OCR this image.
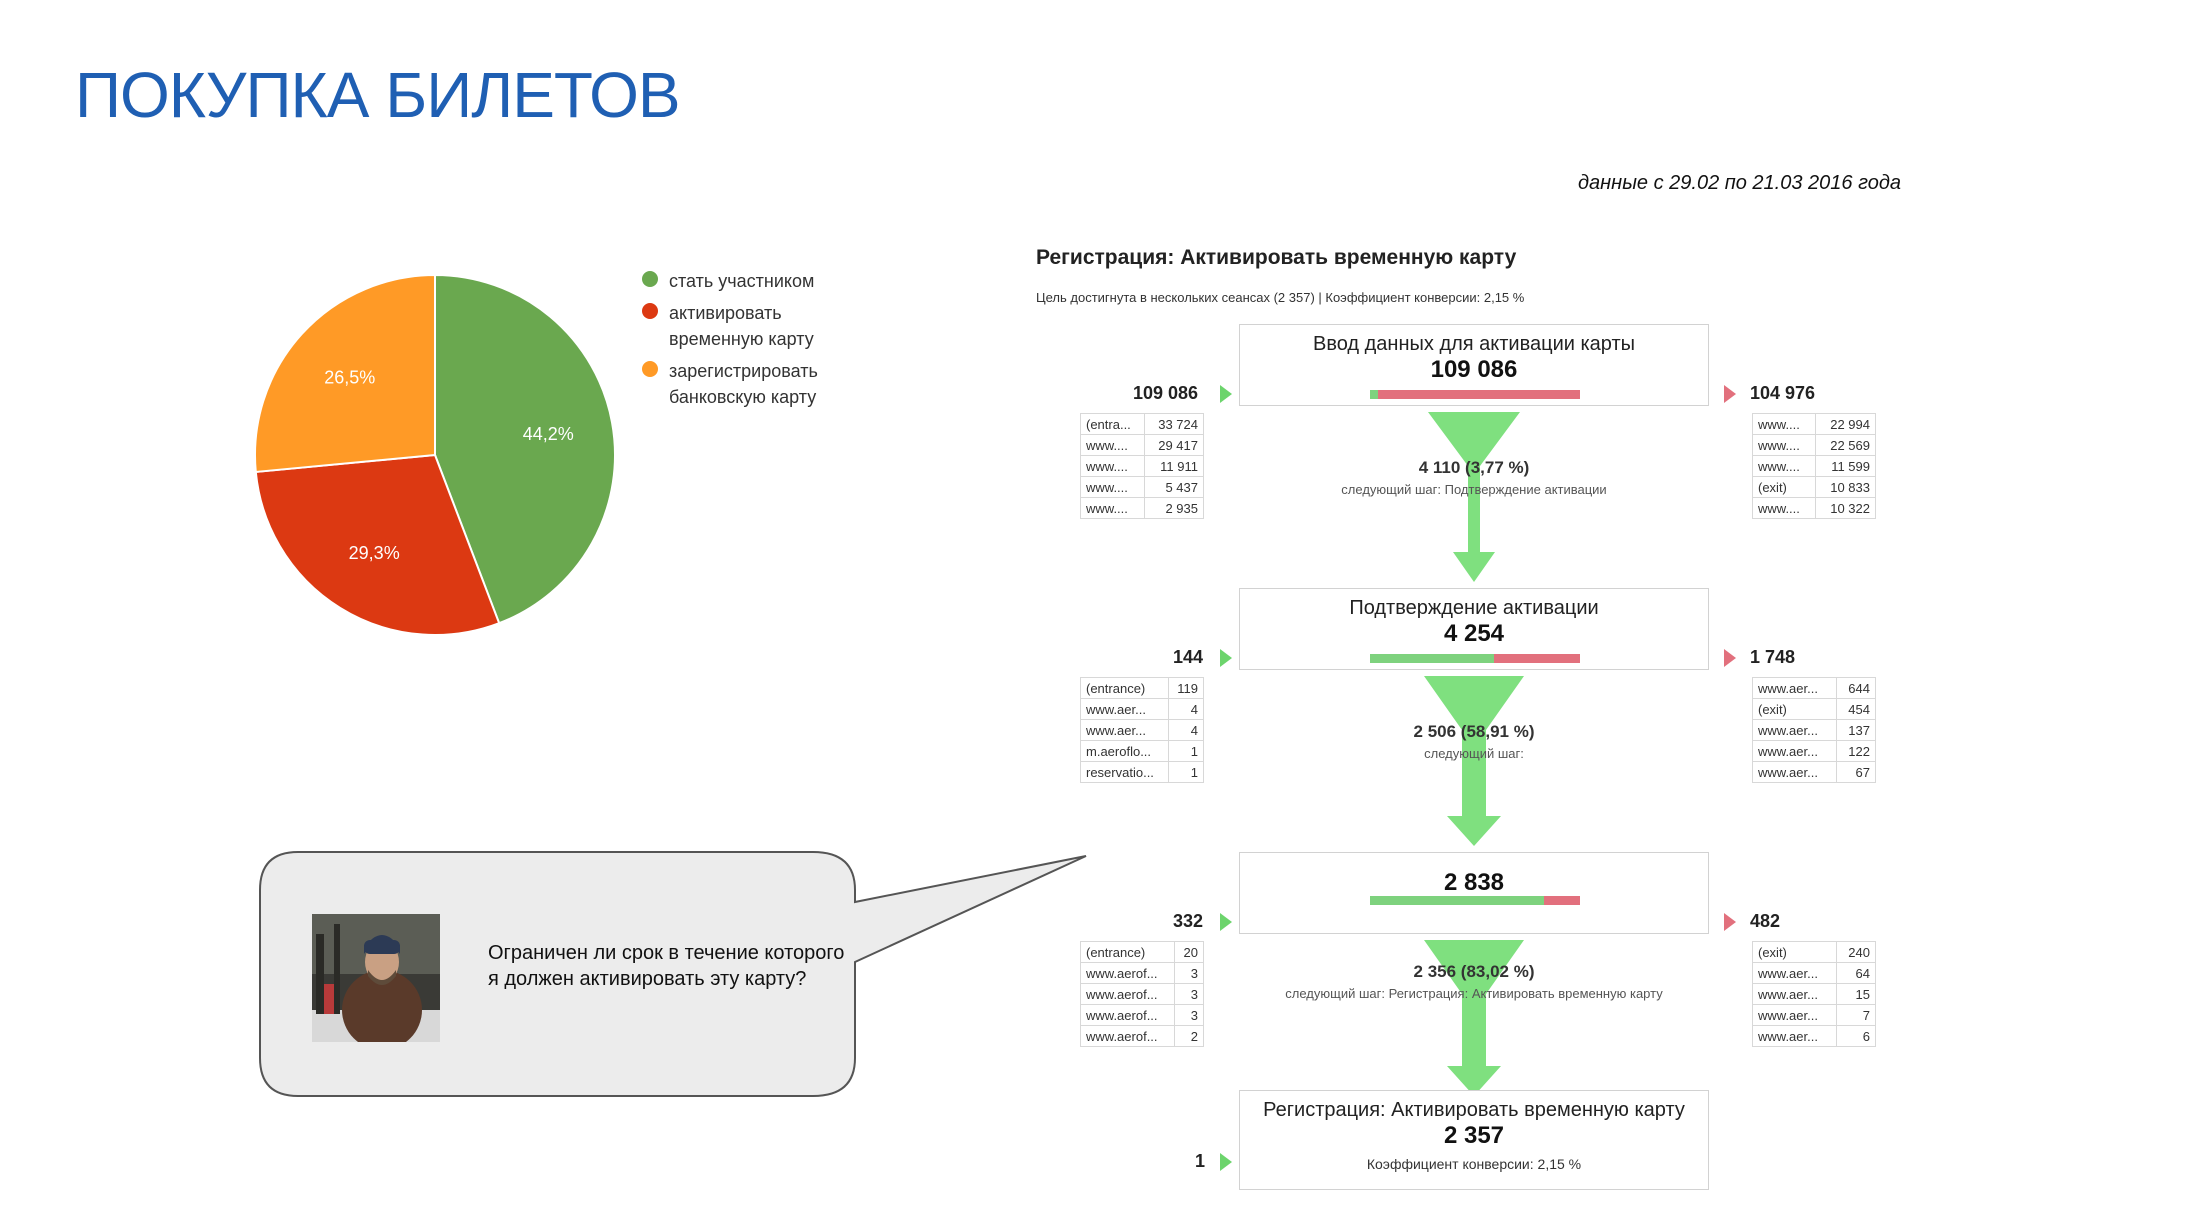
ПОКУПКА БИЛЕТОВ
данные с 29.02 по 21.03 2016 года
44,2%
29,3%
26,5%
стать участником
активировать временную карту
зарегистрировать банковскую карту
Ограничен ли срок в течение которого я должен активировать эту карту?
Регистрация: Активировать временную карту
Цель достигнута в нескольких сеансах (2 357) | Коэффициент конверсии: 2,15 %
Ввод данных для активации карты
109 086
109 086	104 976
(entra...	33 724
www....	29 417
www....	11 911
www....	5 437
www....	2 935
www....	22 994
www....	22 569
www....	11 599
(exit)	10 833
www....	10 322
4 110 (3,77 %)
следующий шаг: Подтверждение активации
Подтверждение активации
4 254
144	1 748
(entrance)	119
www.aer...	4
www.aer...	4
m.aeroflo...	1
reservatio...	1
www.aer...	644
(exit)	454
www.aer...	137
www.aer...	122
www.aer...	67
2 506 (58,91 %)
следующий шаг:
2 838
332	482
(entrance)	20
www.aerof...	3
www.aerof...	3
www.aerof...	3
www.aerof...	2
(exit)	240
www.aer...	64
www.aer...	15
www.aer...	7
www.aer...	6
2 356 (83,02 %)
следующий шаг: Регистрация: Активировать временную карту
Регистрация: Активировать временную карту
2 357
Коэффициент конверсии: 2,15 %
1
